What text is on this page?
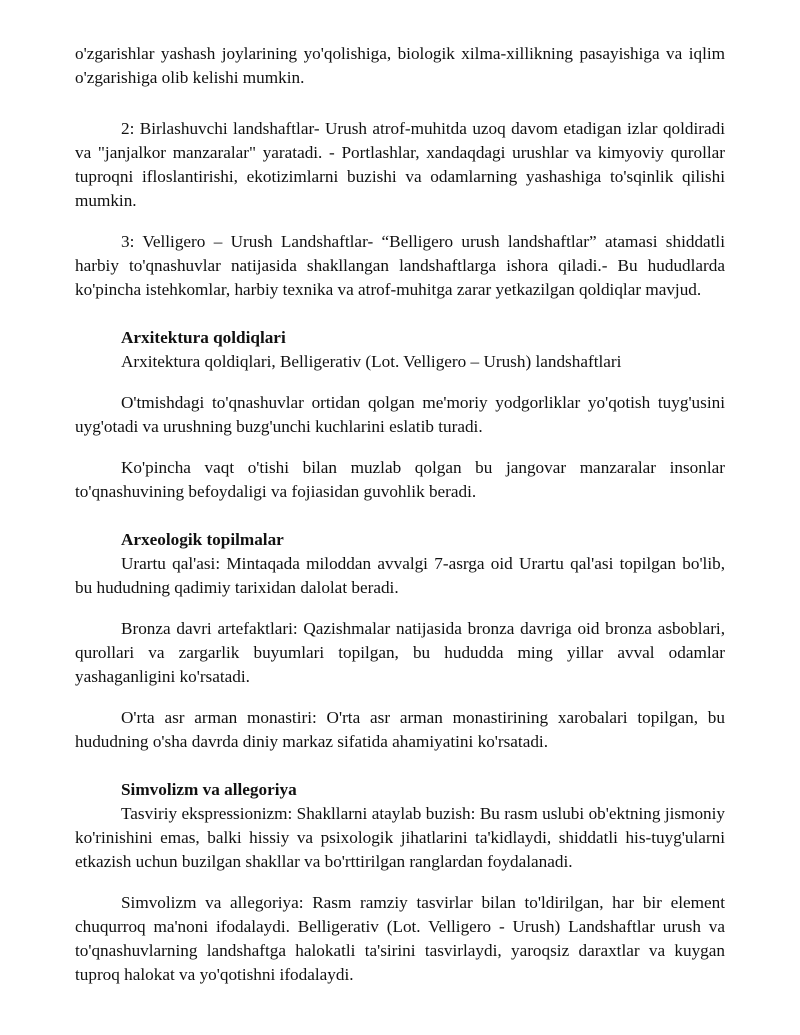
o'zgarishlar yashash joylarining yo'qolishiga, biologik xilma-xillikning pasayishiga va iqlim o'zgarishiga olib kelishi mumkin.

2: Birlashuvchi landshaftlar- Urush atrof-muhitda uzoq davom etadigan izlar qoldiradi va "janjalkor manzaralar" yaratadi. - Portlashlar, xandaqdagi urushlar va kimyoviy qurollar tuproqni ifloslantirishi, ekotizimlarni buzishi va odamlarning yashashiga to'sqinlik qilishi mumkin.

3: Velligero – Urush Landshaftlar- “Belligero urush landshaftlar” atamasi shiddatli harbiy to'qnashuvlar natijasida shakllangan landshaftlarga ishora qiladi.- Bu hududlarda ko'pincha istehkomlar, harbiy texnika va atrof-muhitga zarar yetkazilgan qoldiqlar mavjud.

Arxitektura qoldiqlari

Arxitektura qoldiqlari, Belligerativ (Lot. Velligero – Urush) landshaftlari

O'tmishdagi to'qnashuvlar ortidan qolgan me'moriy yodgorliklar yo'qotish tuyg'usini uyg'otadi va urushning buzg'unchi kuchlarini eslatib turadi.

Ko'pincha vaqt o'tishi bilan muzlab qolgan bu jangovar manzaralar insonlar to'qnashuvining befoydaligi va fojiasidan guvohlik beradi.

Arxeologik topilmalar

Urartu qal'asi: Mintaqada miloddan avvalgi 7-asrga oid Urartu qal'asi topilgan bo'lib, bu hududning qadimiy tarixidan dalolat beradi.

Bronza davri artefaktlari: Qazishmalar natijasida bronza davriga oid bronza asboblari, qurollari va zargarlik buyumlari topilgan, bu hududda ming yillar avval odamlar yashaganligini ko'rsatadi.

O'rta asr arman monastiri: O'rta asr arman monastirining xarobalari topilgan, bu hududning o'sha davrda diniy markaz sifatida ahamiyatini ko'rsatadi.

Simvolizm va allegoriya

Tasviriy ekspressionizm: Shakllarni ataylab buzish: Bu rasm uslubi ob'ektning jismoniy ko'rinishini emas, balki hissiy va psixologik jihatlarini ta'kidlaydi, shiddatli his-tuyg'ularni etkazish uchun buzilgan shakllar va bo'rttirilgan ranglardan foydalanadi.

Simvolizm va allegoriya: Rasm ramziy tasvirlar bilan to'ldirilgan, har bir element chuqurroq ma'noni ifodalaydi. Belligerativ (Lot. Velligero - Urush) Landshaftlar urush va to'qnashuvlarning landshaftga halokatli ta'sirini tasvirlaydi, yaroqsiz daraxtlar va kuygan tuproq halokat va yo'qotishni ifodalaydi.
